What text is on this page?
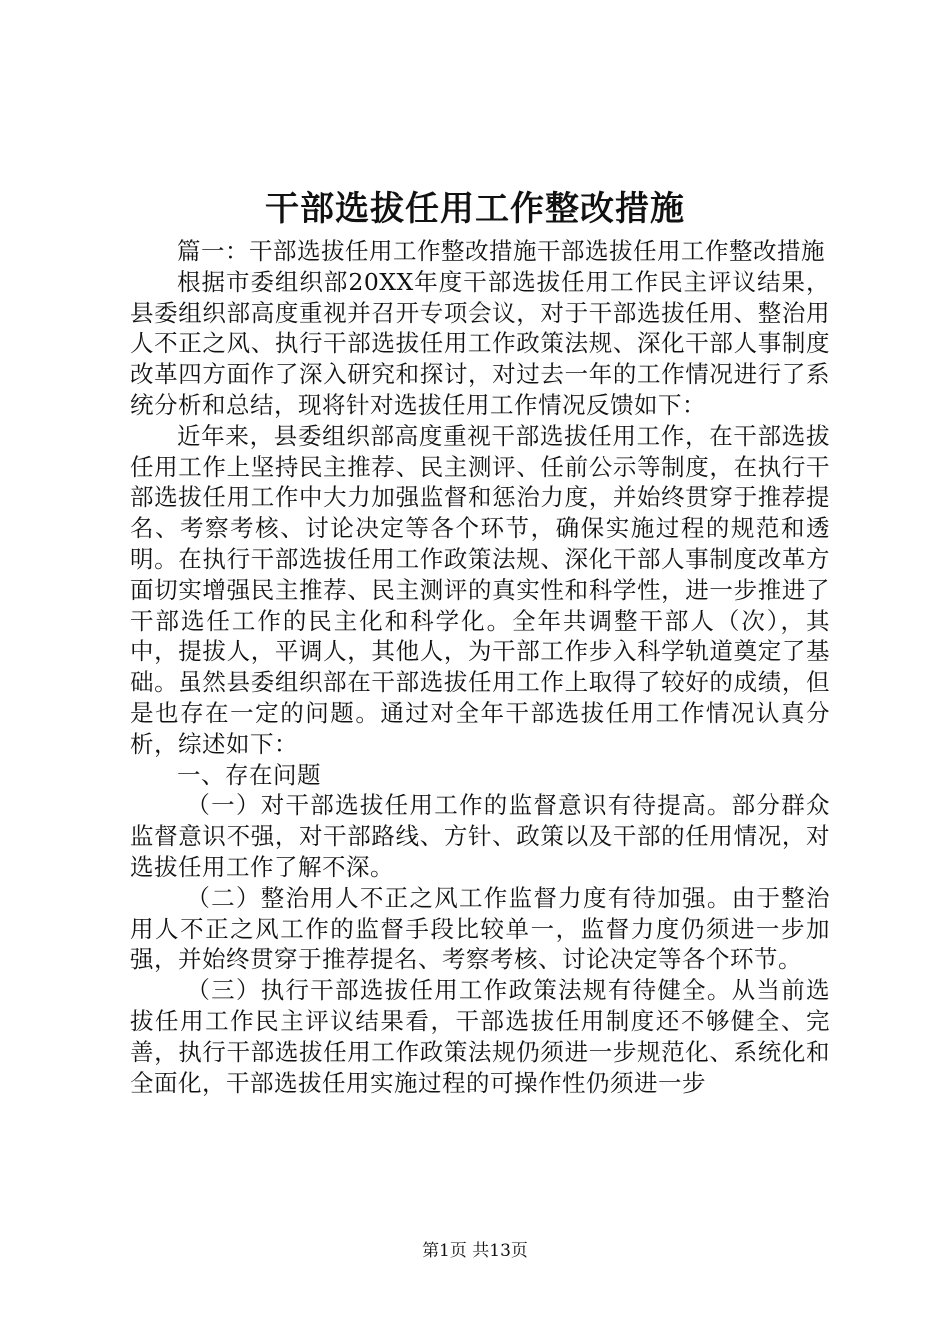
干部选拔任用工作整改措施

篇一：干部选拔任用工作整改措施干部选拔任用工作整改措施

根据市委组织部20XX年度干部选拔任用工作民主评议结果，县委组织部高度重视并召开专项会议，对于干部选拔任用、整治用人不正之风、执行干部选拔任用工作政策法规、深化干部人事制度改革四方面作了深入研究和探讨，对过去一年的工作情况进行了系统分析和总结，现将针对选拔任用工作情况反馈如下：

近年来，县委组织部高度重视干部选拔任用工作，在干部选拔任用工作上坚持民主推荐、民主测评、任前公示等制度，在执行干部选拔任用工作中大力加强监督和惩治力度，并始终贯穿于推荐提名、考察考核、讨论决定等各个环节，确保实施过程的规范和透明。在执行干部选拔任用工作政策法规、深化干部人事制度改革方面切实增强民主推荐、民主测评的真实性和科学性，进一步推进了干部选任工作的民主化和科学化。全年共调整干部人（次），其中，提拔人，平调人，其他人，为干部工作步入科学轨道奠定了基础。虽然县委组织部在干部选拔任用工作上取得了较好的成绩，但是也存在一定的问题。通过对全年干部选拔任用工作情况认真分析，综述如下：

一、存在问题

（一）对干部选拔任用工作的监督意识有待提高。部分群众监督意识不强，对干部路线、方针、政策以及干部的任用情况，对选拔任用工作了解不深。

（二）整治用人不正之风工作监督力度有待加强。由于整治用人不正之风工作的监督手段比较单一，监督力度仍须进一步加强，并始终贯穿于推荐提名、考察考核、讨论决定等各个环节。

（三）执行干部选拔任用工作政策法规有待健全。从当前选拔任用工作民主评议结果看，干部选拔任用制度还不够健全、完善，执行干部选拔任用工作政策法规仍须进一步规范化、系统化和全面化，干部选拔任用实施过程的可操作性仍须进一步

第1页 共13页
